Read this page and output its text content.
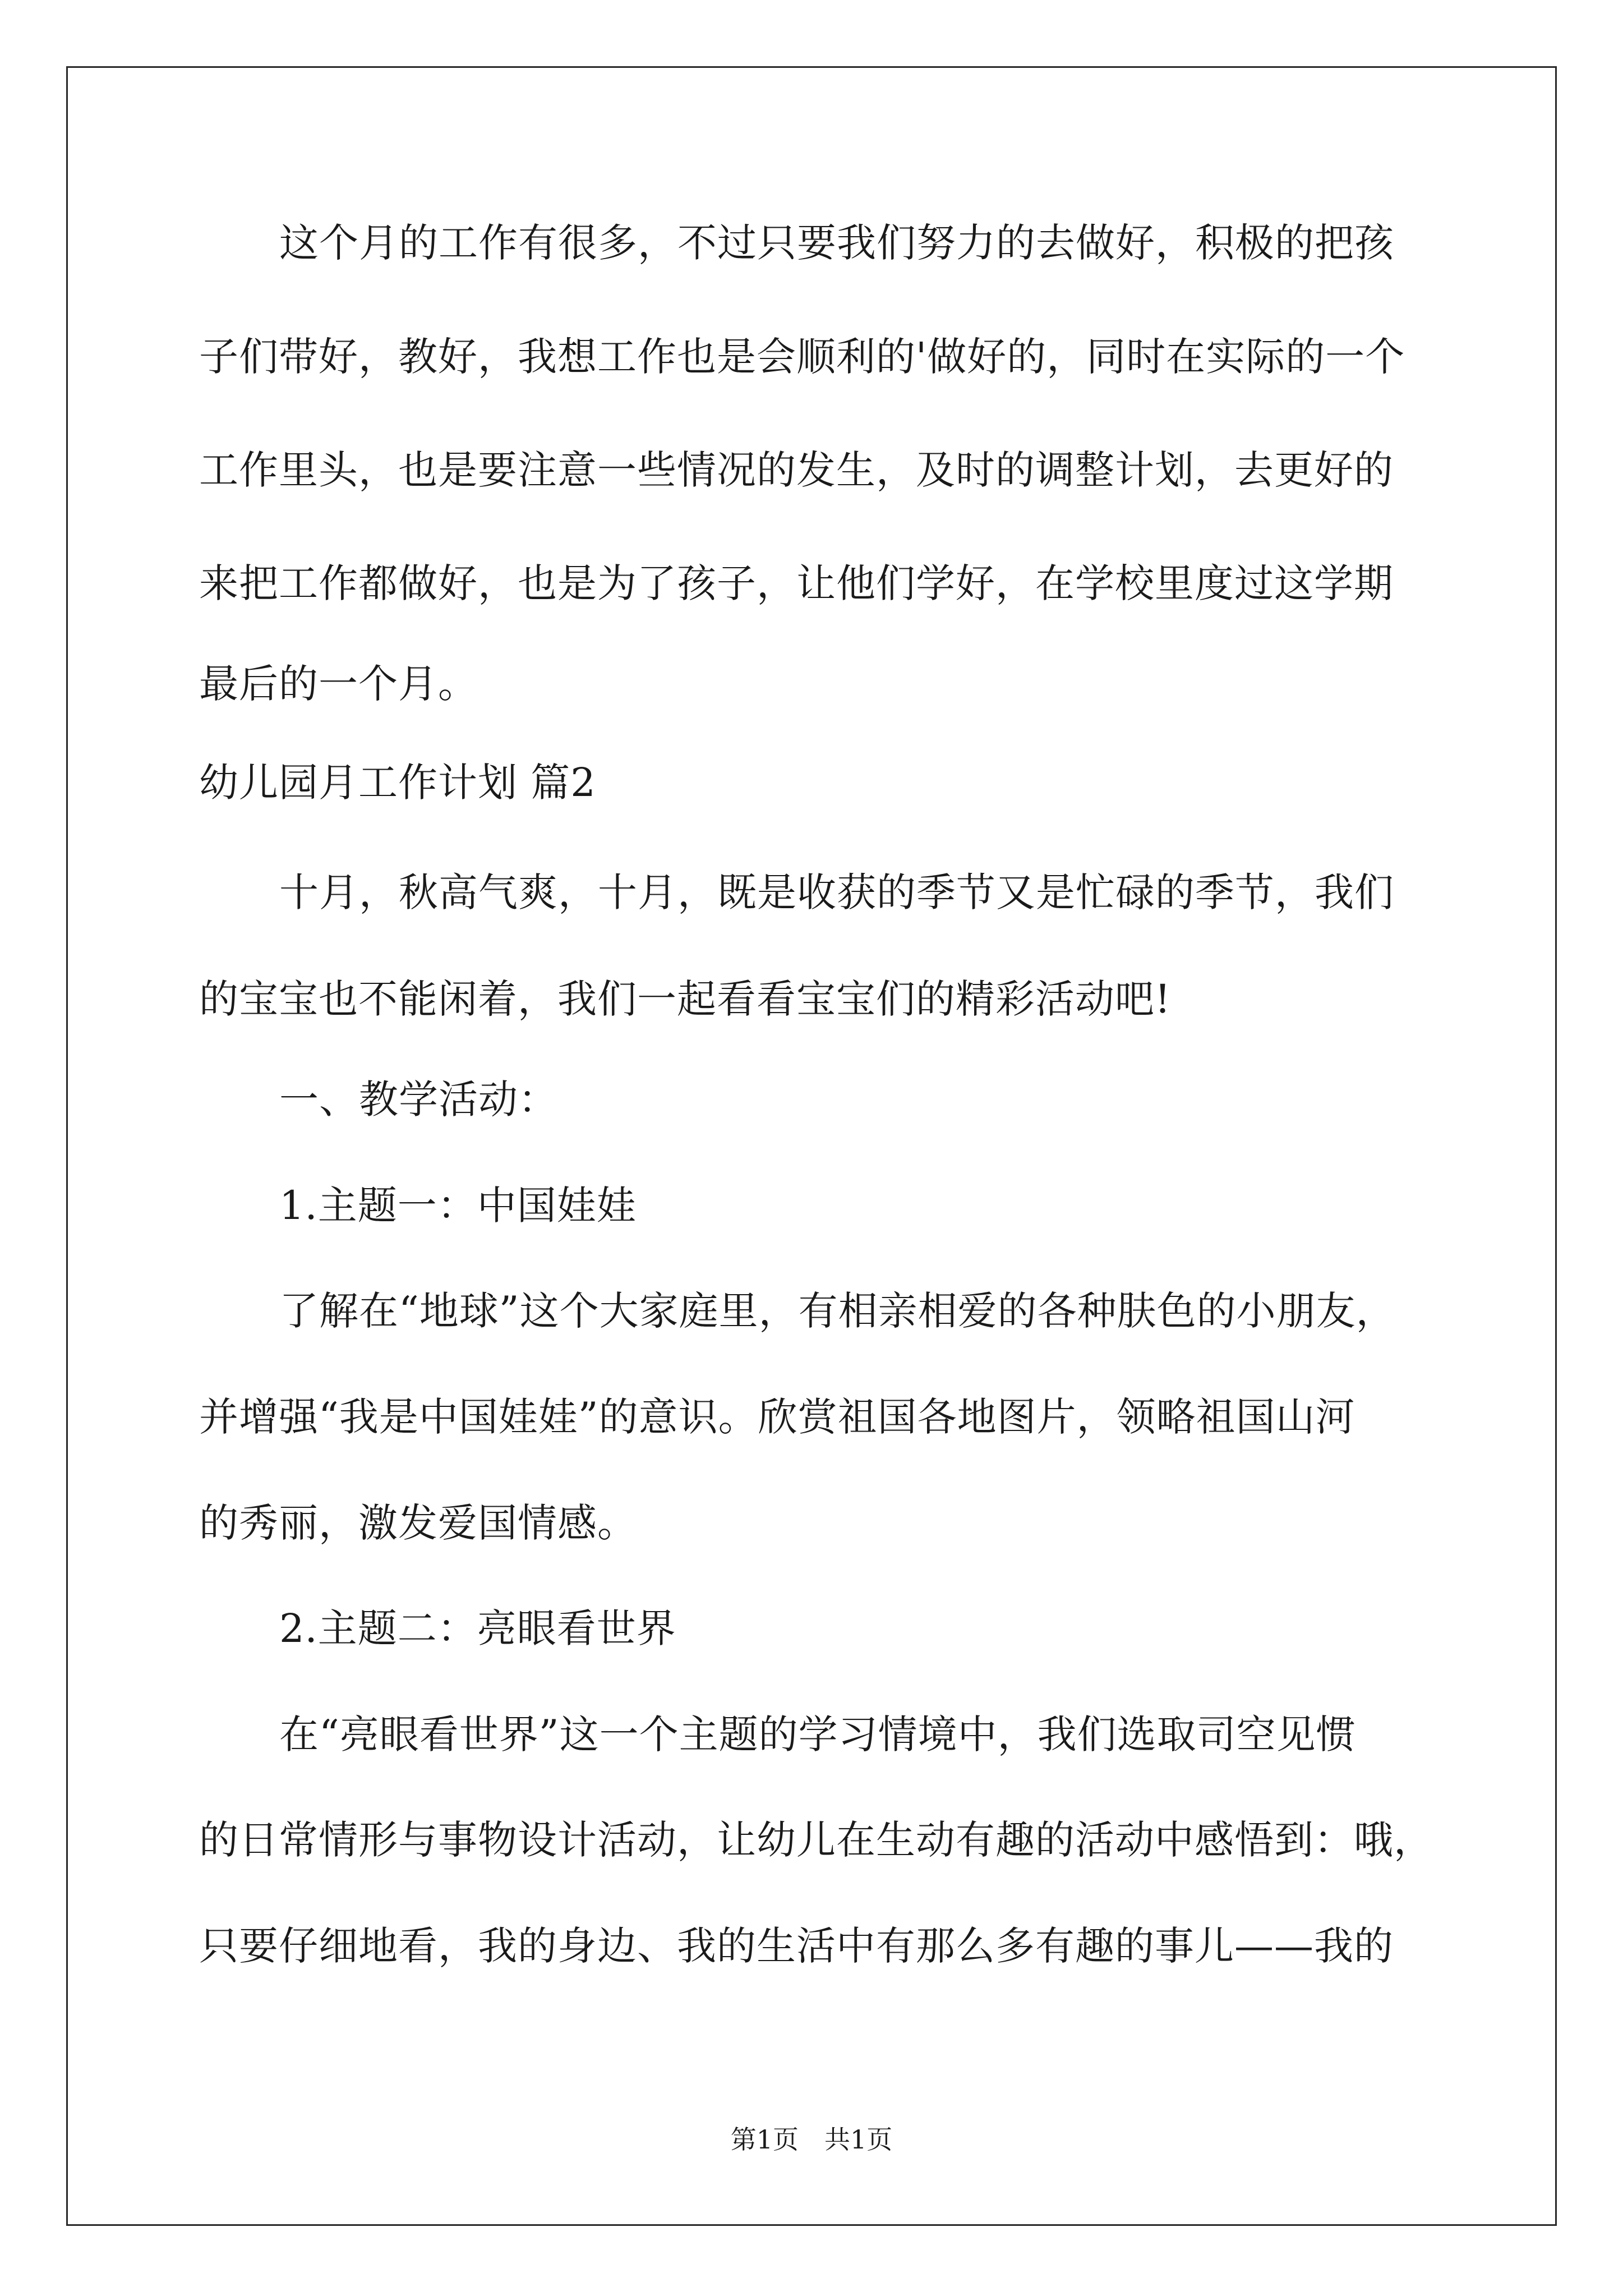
这个月的工作有很多，不过只要我们努力的去做好，积极的把孩
子们带好，教好，我想工作也是会顺利的'做好的，同时在实际的一个
工作里头，也是要注意一些情况的发生，及时的调整计划，去更好的
来把工作都做好，也是为了孩子，让他们学好，在学校里度过这学期
最后的一个月。
幼儿园月工作计划 篇2
十月，秋高气爽，十月，既是收获的季节又是忙碌的季节，我们
的宝宝也不能闲着，我们一起看看宝宝们的精彩活动吧!
一、教学活动：
1.主题一：中国娃娃
了解在“地球”这个大家庭里，有相亲相爱的各种肤色的小朋友，
并增强“我是中国娃娃”的意识。欣赏祖国各地图片，领略祖国山河
的秀丽，激发爱国情感。
2.主题二：亮眼看世界
在“亮眼看世界”这一个主题的学习情境中，我们选取司空见惯
的日常情形与事物设计活动，让幼儿在生动有趣的活动中感悟到：哦，
只要仔细地看，我的身边、我的生活中有那么多有趣的事儿——我的
第1页　共1页
